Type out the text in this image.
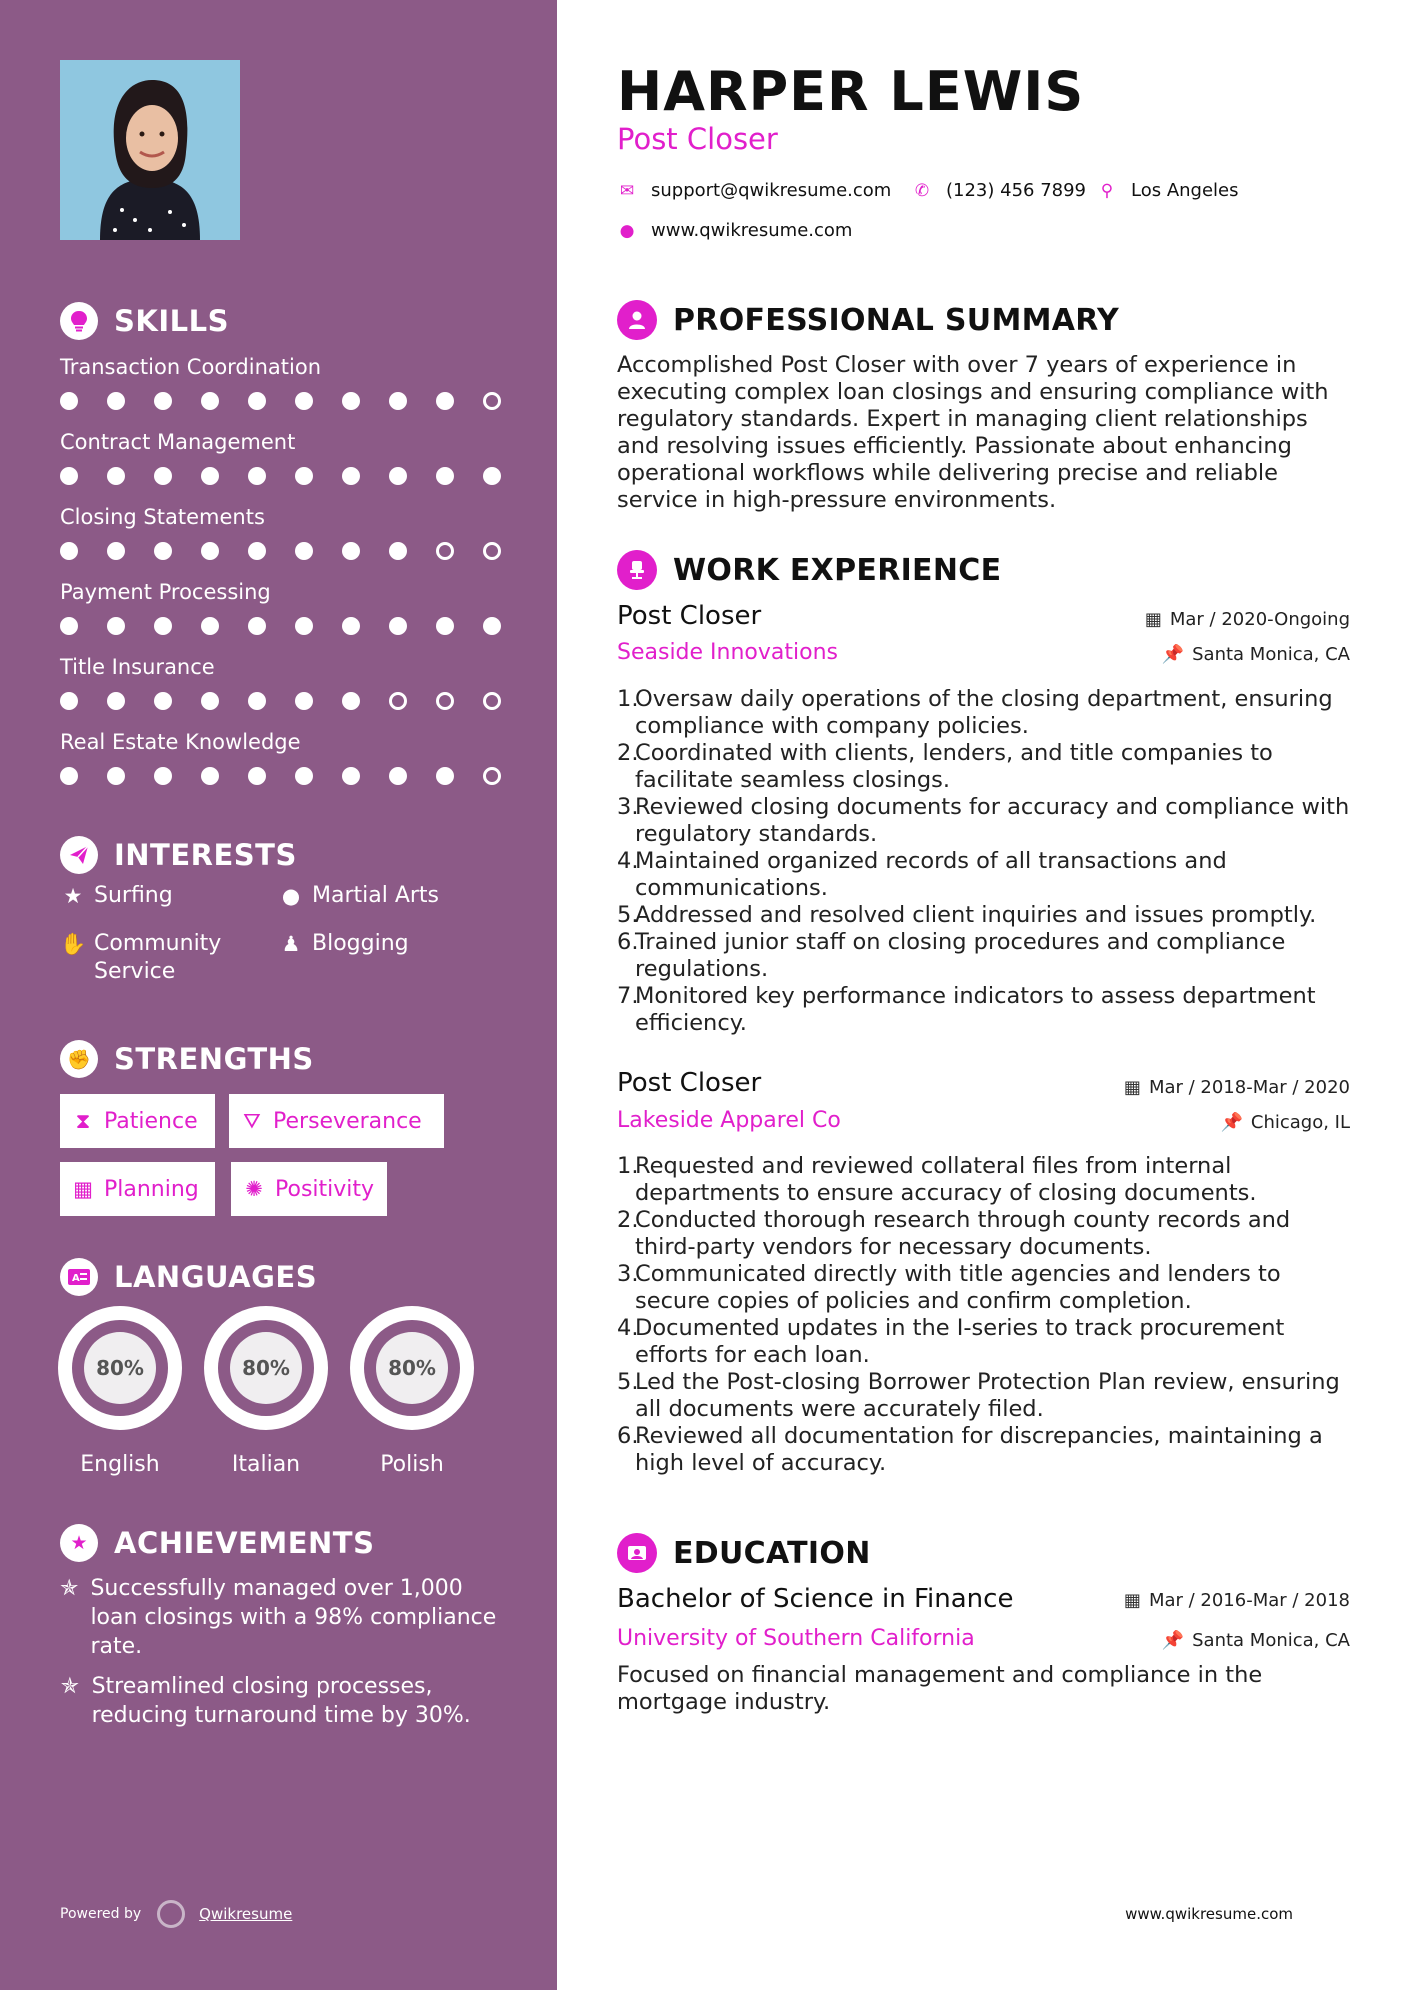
SKILLS
Transaction Coordination
Contract Management
Closing Statements
Payment Processing
Title Insurance
Real Estate Knowledge
INTERESTS
★ Surfing	● Martial Arts
✋ Community Service
♟ Blogging
✊ STRENGTHS
⧗ Patience ⛛ Perseverance
▦ Planning ✺ Positivity
A LANGUAGES
80%
English
80%
Italian
80%
Polish
★ ACHIEVEMENTS
✯ Successfully managed over 1,000 loan closings with a 98% compliance rate.
✯ Streamlined closing processes, reducing turnaround time by 30%.
Powered by	Qwikresume
HARPER LEWIS
Post Closer
✉ support@qwikresume.com ✆ (123) 456 7899 ⚲ Los Angeles
● www.qwikresume.com
PROFESSIONAL SUMMARY

Accomplished Post Closer with over 7 years of experience in executing complex loan closings and ensuring compliance with regulatory standards. Expert in managing client relationships and resolving issues efficiently. Passionate about enhancing operational workflows while delivering precise and reliable service in high-pressure environments.

WORK EXPERIENCE
Post Closer	▦ Mar / 2020-Ongoing
Seaside Innovations	📌 Santa Monica, CA
Oversaw daily operations of the closing department, ensuring compliance with company policies.
Coordinated with clients, lenders, and title companies to facilitate seamless closings.
Reviewed closing documents for accuracy and compliance with regulatory standards.
Maintained organized records of all transactions and communications.
Addressed and resolved client inquiries and issues promptly.
Trained junior staff on closing procedures and compliance regulations.
Monitored key performance indicators to assess department efficiency.
Post Closer	▦ Mar / 2018-Mar / 2020
Lakeside Apparel Co	📌 Chicago, IL
Requested and reviewed collateral files from internal departments to ensure accuracy of closing documents.
Conducted thorough research through county records and third-party vendors for necessary documents.
Communicated directly with title agencies and lenders to secure copies of policies and confirm completion.
Documented updates in the I-series to track procurement efforts for each loan.
Led the Post-closing Borrower Protection Plan review, ensuring all documents were accurately filed.
Reviewed all documentation for discrepancies, maintaining a high level of accuracy.
EDUCATION
Bachelor of Science in Finance	▦ Mar / 2016-Mar / 2018
University of Southern California	📌 Santa Monica, CA

Focused on financial management and compliance in the mortgage industry.

www.qwikresume.com
